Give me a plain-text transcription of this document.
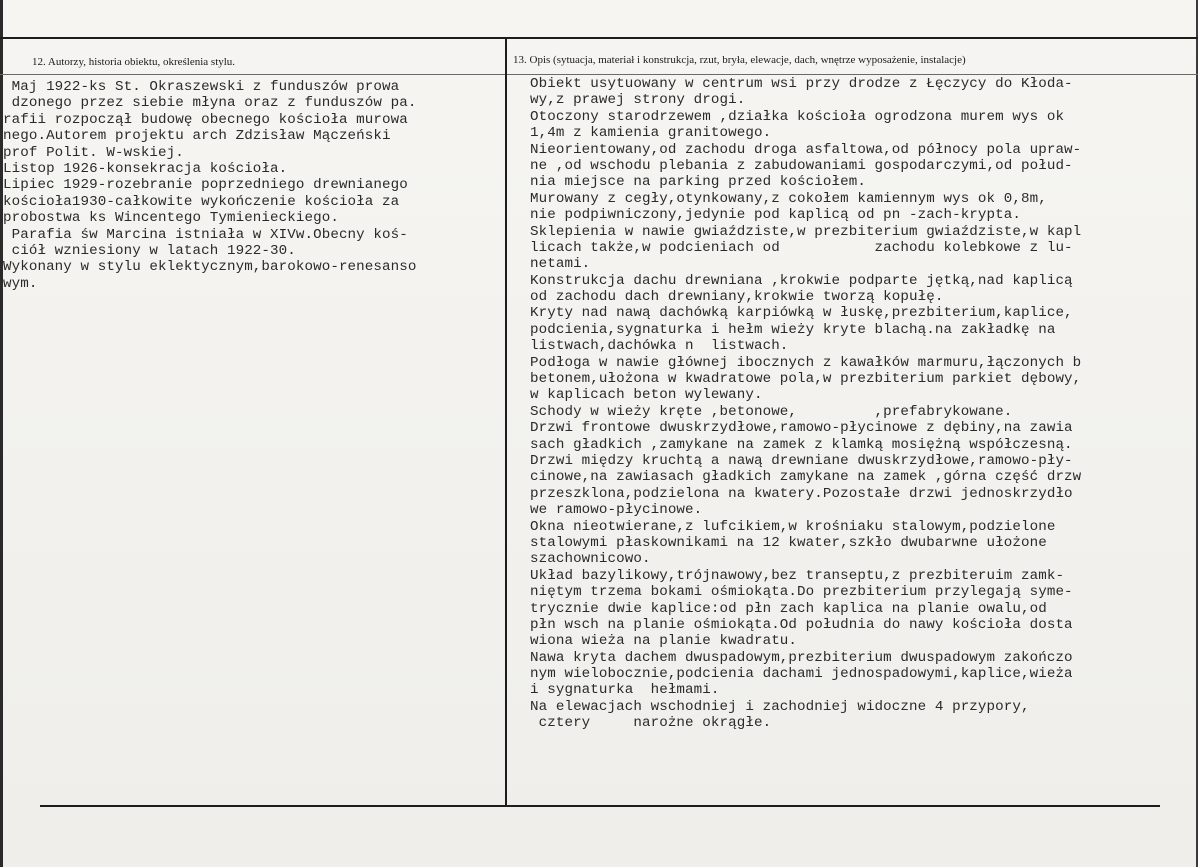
12. Autorzy, historia obiektu, określenia stylu.	13. Opis (sytuacja, materiał i konstrukcja, rzut, bryła, elewacje, dach, wnętrze wyposażenie, instalacje)
Maj 1922-ks St. Okraszewski z funduszów prowa
dzonego przez siebie młyna oraz z funduszów pa.
rafii rozpoczął budowę obecnego kościoła murowa
nego.Autorem projektu arch Zdzisław Mączeński
prof Polit. W-wskiej.
Listop 1926-konsekracja kościoła.
Lipiec 1929-rozebranie poprzedniego drewnianego
kościoła1930-całkowite wykończenie kościoła za
probostwa ks Wincentego Tymienieckiego.
Parafia św Marcina istniała w XIVw.Obecny koś-
ciół wzniesiony w latach 1922-30.
Wykonany w stylu eklektycznym,barokowo-renesanso
wym.
Obiekt usytuowany w centrum wsi przy drodze z Łęczycy do Kłoda-
wy,z prawej strony drogi.
Otoczony starodrzewem ,działka kościoła ogrodzona murem wys ok
1,4m z kamienia granitowego.
Nieorientowany,od zachodu droga asfaltowa,od północy pola upraw-
ne ,od wschodu plebania z zabudowaniami gospodarczymi,od połud-
nia miejsce na parking przed kościołem.
Murowany z cegły,otynkowany,z cokołem kamiennym wys ok 0,8m,
nie podpiwniczony,jedynie pod kaplicą od pn -zach-krypta.
Sklepienia w nawie gwiaździste,w prezbiterium gwiaździste,w kapl
licach także,w podcieniach od           zachodu kolebkowe z lu-
netami.
Konstrukcja dachu drewniana ,krokwie podparte jętką,nad kaplicą
od zachodu dach drewniany,krokwie tworzą kopułę.
Kryty nad nawą dachówką karpiówką w łuskę,prezbiterium,kaplice,
podcienia,sygnaturka i hełm wieży kryte blachą.na zakładkę na
listwach,dachówka n  listwach.
Podłoga w nawie głównej ibocznych z kawałków marmuru,łączonych b
betonem,ułożona w kwadratowe pola,w prezbiterium parkiet dębowy,
w kaplicach beton wylewany.
Schody w wieży kręte ,betonowe,         ,prefabrykowane.
Drzwi frontowe dwuskrzydłowe,ramowo-płycinowe z dębiny,na zawia
sach gładkich ,zamykane na zamek z klamką mosiężną współczesną.
Drzwi między kruchtą a nawą drewniane dwuskrzydłowe,ramowo-pły-
cinowe,na zawiasach gładkich zamykane na zamek ,górna część drzw
przeszklona,podzielona na kwatery.Pozostałe drzwi jednoskrzydło
we ramowo-płycinowe.
Okna nieotwierane,z lufcikiem,w krośniaku stalowym,podzielone
stalowymi płaskownikami na 12 kwater,szkło dwubarwne ułożone
szachownicowo.
Układ bazylikowy,trójnawowy,bez transeptu,z prezbiteruim zamk-
niętym trzema bokami ośmiokąta.Do prezbiterium przylegają syme-
trycznie dwie kaplice:od płn zach kaplica na planie owalu,od
płn wsch na planie ośmiokąta.Od południa do nawy kościoła dosta
wiona wieża na planie kwadratu.
Nawa kryta dachem dwuspadowym,prezbiterium dwuspadowym zakończo
nym wielobocznie,podcienia dachami jednospadowymi,kaplice,wieża
i sygnaturka  hełmami.
Na elewacjach wschodniej i zachodniej widoczne 4 przypory,
cztery     narożne okrągłe.
